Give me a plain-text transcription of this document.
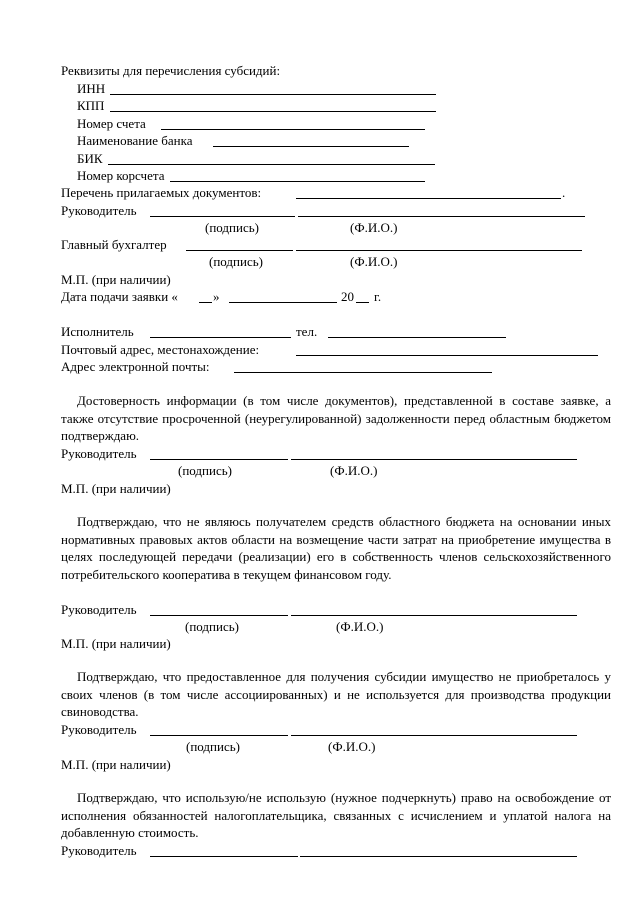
Реквизиты для перечисления субсидий:
ИНН
КПП
Номер счета
Наименование банка
БИК
Номер корсчета
Перечень прилагаемых документов:	.
Руководитель
(подпись)	(Ф.И.О.)
Главный бухгалтер
(подпись)	(Ф.И.О.)
М.П. (при наличии)
Дата подачи заявки «	»	20 г.
Исполнитель	тел.
Почтовый адрес, местонахождение:
Адрес электронной почты:

Достоверность информации (в том числе документов), представленной в составе заявке, а также отсутствие просроченной (неурегулированной) задолженности перед областным бюджетом подтверждаю.

Руководитель
(подпись)	(Ф.И.О.)
М.П. (при наличии)

Подтверждаю, что не являюсь получателем средств областного бюджета на основании иных нормативных правовых актов области на возмещение части затрат на приобретение имущества в целях последующей передачи (реализации) его в собственность членов сельскохозяйственного потребительского кооператива в текущем финансовом году.

Руководитель
(подпись)	(Ф.И.О.)
М.П. (при наличии)

Подтверждаю, что предоставленное для получения субсидии имущество не приобреталось у своих членов (в том числе ассоциированных) и не используется для производства продукции свиноводства.

Руководитель
(подпись)	(Ф.И.О.)
М.П. (при наличии)

Подтверждаю, что использую/не использую (нужное подчеркнуть) право на освобождение от исполнения обязанностей налогоплательщика, связанных с исчислением и уплатой налога на добавленную стоимость.

Руководитель
